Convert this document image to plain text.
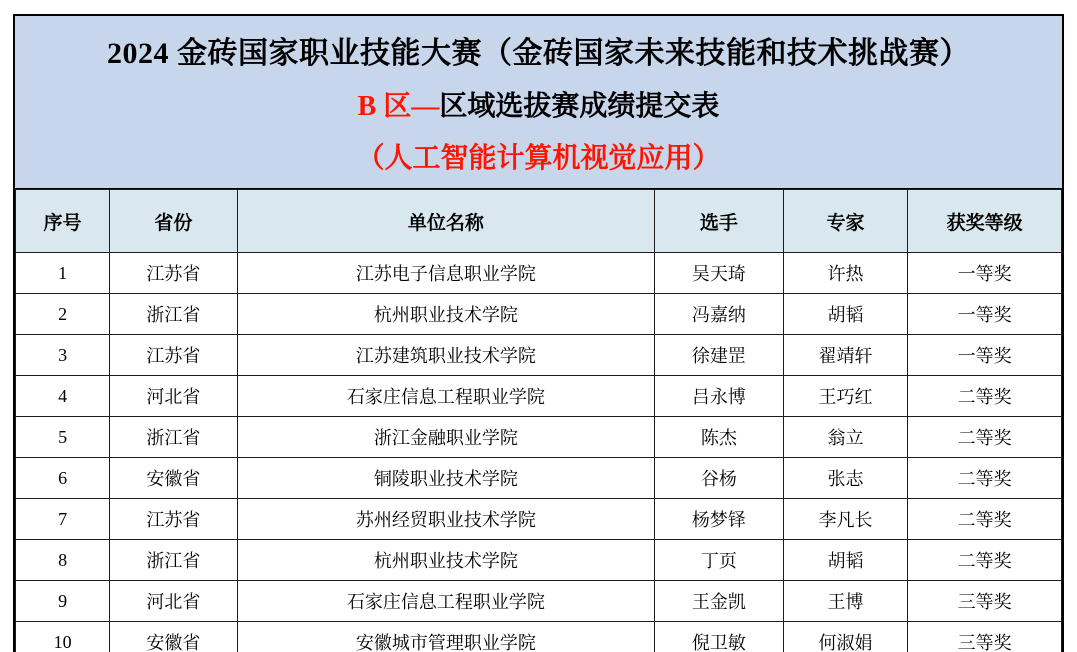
2024 金砖国家职业技能大赛（金砖国家未来技能和技术挑战赛）
B 区—区域选拔赛成绩提交表
（人工智能计算机视觉应用）
序号	省份	单位名称	选手	专家	获奖等级
1	江苏省	江苏电子信息职业学院	吴天琦	许热	一等奖
2	浙江省	杭州职业技术学院	冯嘉纳	胡韬	一等奖
3	江苏省	江苏建筑职业技术学院	徐建罡	翟靖轩	一等奖
4	河北省	石家庄信息工程职业学院	吕永博	王巧红	二等奖
5	浙江省	浙江金融职业学院	陈杰	翁立	二等奖
6	安徽省	铜陵职业技术学院	谷杨	张志	二等奖
7	江苏省	苏州经贸职业技术学院	杨梦铎	李凡长	二等奖
8	浙江省	杭州职业技术学院	丁页	胡韬	二等奖
9	河北省	石家庄信息工程职业学院	王金凯	王博	三等奖
10	安徽省	安徽城市管理职业学院	倪卫敏	何淑娟	三等奖
